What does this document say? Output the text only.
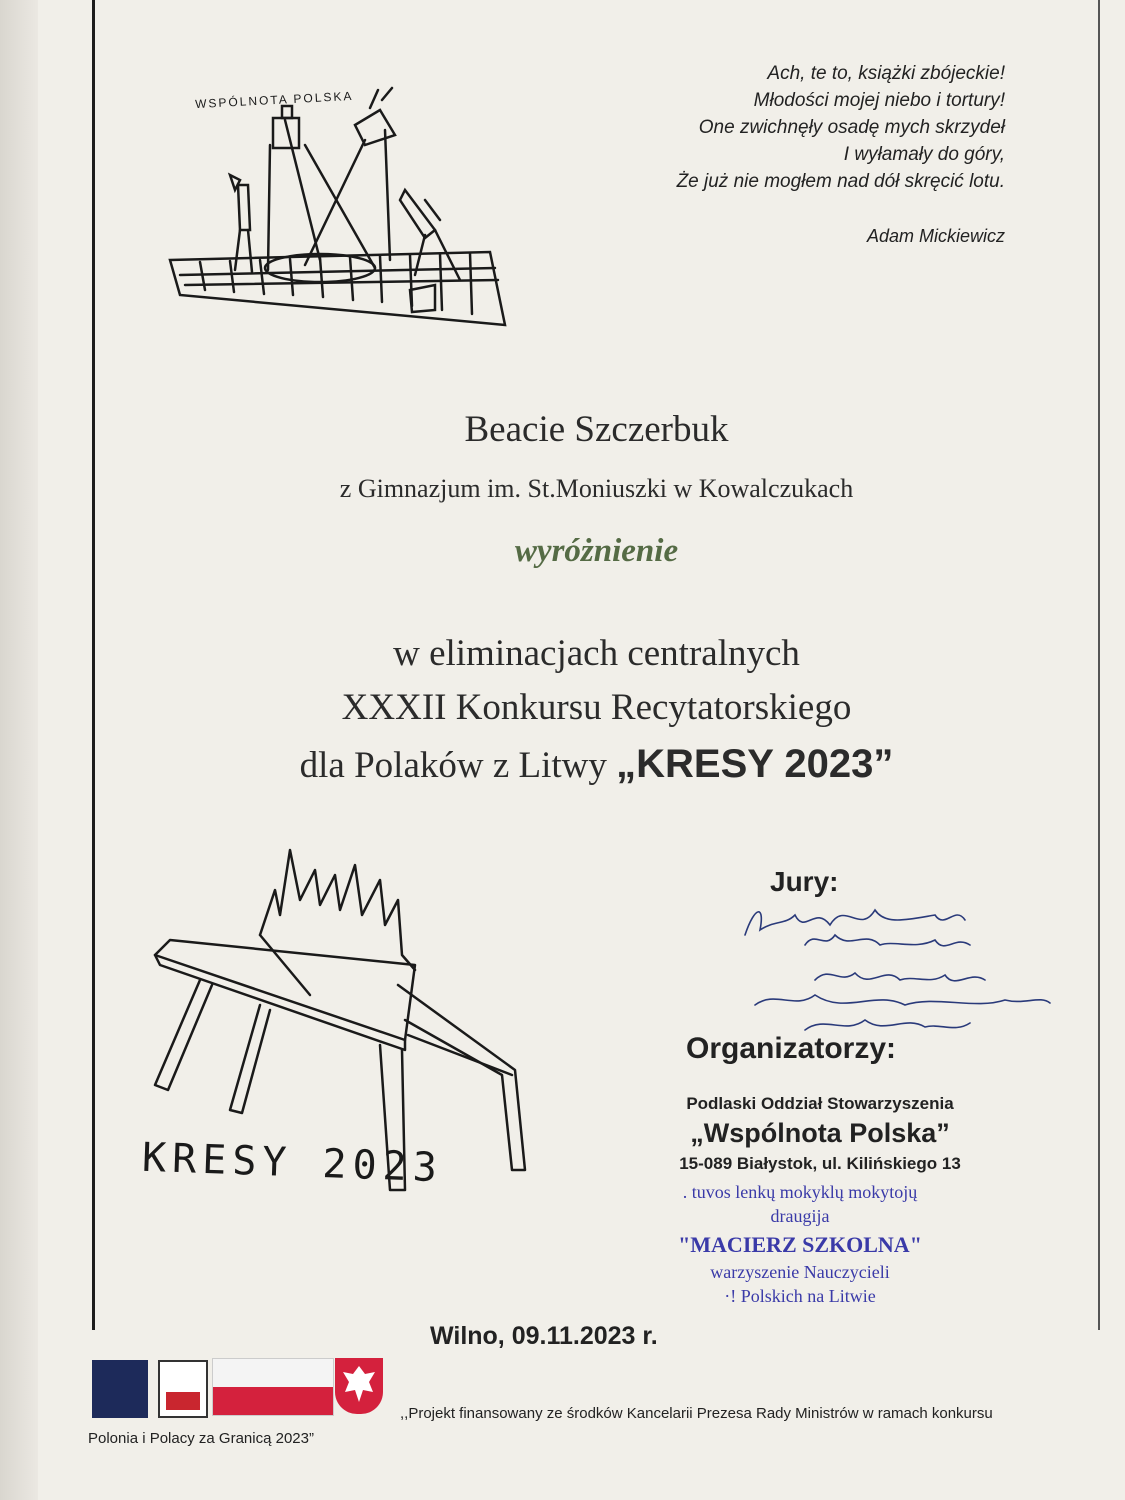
WSPÓLNOTA POLSKA
Ach, te to, książki zbójeckie!
Młodości mojej niebo i tortury!
One zwichnęły osadę mych skrzydeł
I wyłamały do góry,
Że już nie mogłem nad dół skręcić lotu.
Adam Mickiewicz
Beacie Szczerbuk
z Gimnazjum im. St.Moniuszki w Kowalczukach
wyróżnienie
w eliminacjach centralnych
XXXII Konkursu Recytatorskiego
dla Polaków z Litwy „KRESY 2023”
KRESY 2023
Jury:
Organizatorzy:
Podlaski Oddział Stowarzyszenia
„Wspólnota Polska”
15-089 Białystok, ul. Kilińskiego 13
. tuvos lenkų mokyklų mokytojų
draugija
"MACIERZ SZKOLNA"
warzyszenie Nauczycieli
·! Polskich na Litwie
Wilno, 09.11.2023 r.
,,Projekt finansowany ze środków Kancelarii Prezesa Rady Ministrów w ramach konkursu
Polonia i Polacy za Granicą 2023”
